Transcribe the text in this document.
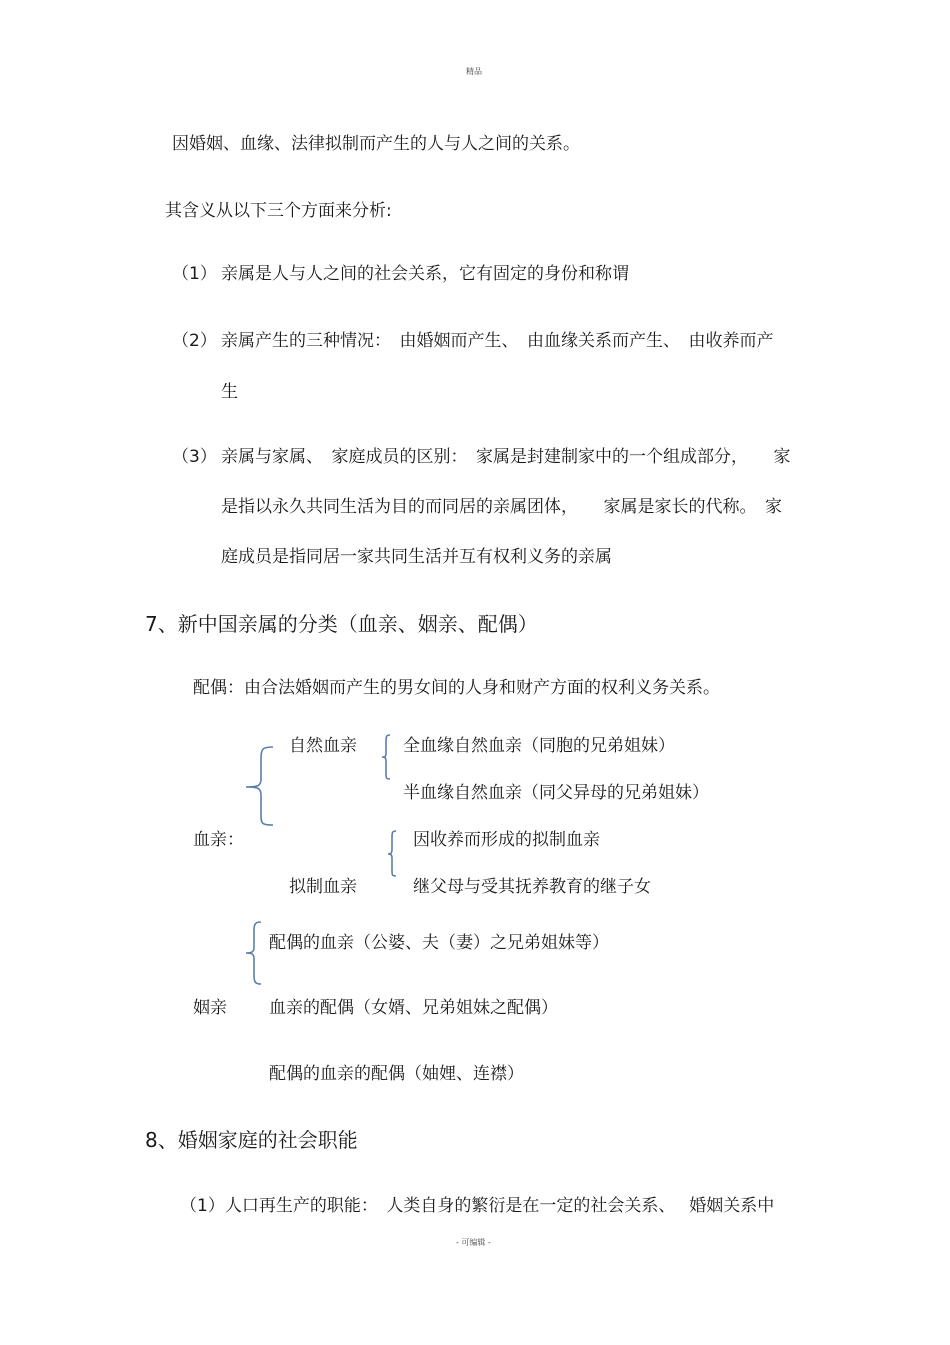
精品
因婚姻、血缘、法律拟制而产生的人与人之间的关系。
其含义从以下三个方面来分析:
（1） 亲属是人与人之间的社会关系，它有固定的身份和称谓
（2） 亲属产生的三种情况：　由婚姻而产生、　由血缘关系而产生、　由收养而产
生
（3） 亲属与家属、　家庭成员的区别：　家属是封建制家中的一个组成部分，　　家
是指以永久共同生活为目的而同居的亲属团体，　　家属是家长的代称。　家
庭成员是指同居一家共同生活并互有权利义务的亲属
7、新中国亲属的分类（血亲、姻亲、配偶）
配偶：由合法婚姻而产生的男女间的人身和财产方面的权利义务关系。
自然血亲	全血缘自然血亲（同胞的兄弟姐妹）
半血缘自然血亲（同父异母的兄弟姐妹）
血亲：	因收养而形成的拟制血亲
拟制血亲	继父母与受其抚养教育的继子女
配偶的血亲（公婆、夫（妻）之兄弟姐妹等）
姻亲 血亲的配偶（女婿、兄弟姐妹之配偶）
配偶的血亲的配偶（妯娌、连襟）
8、婚姻家庭的社会职能
（1）人口再生产的职能：　人类自身的繁衍是在一定的社会关系、　 婚姻关系中
- 可编辑 -
